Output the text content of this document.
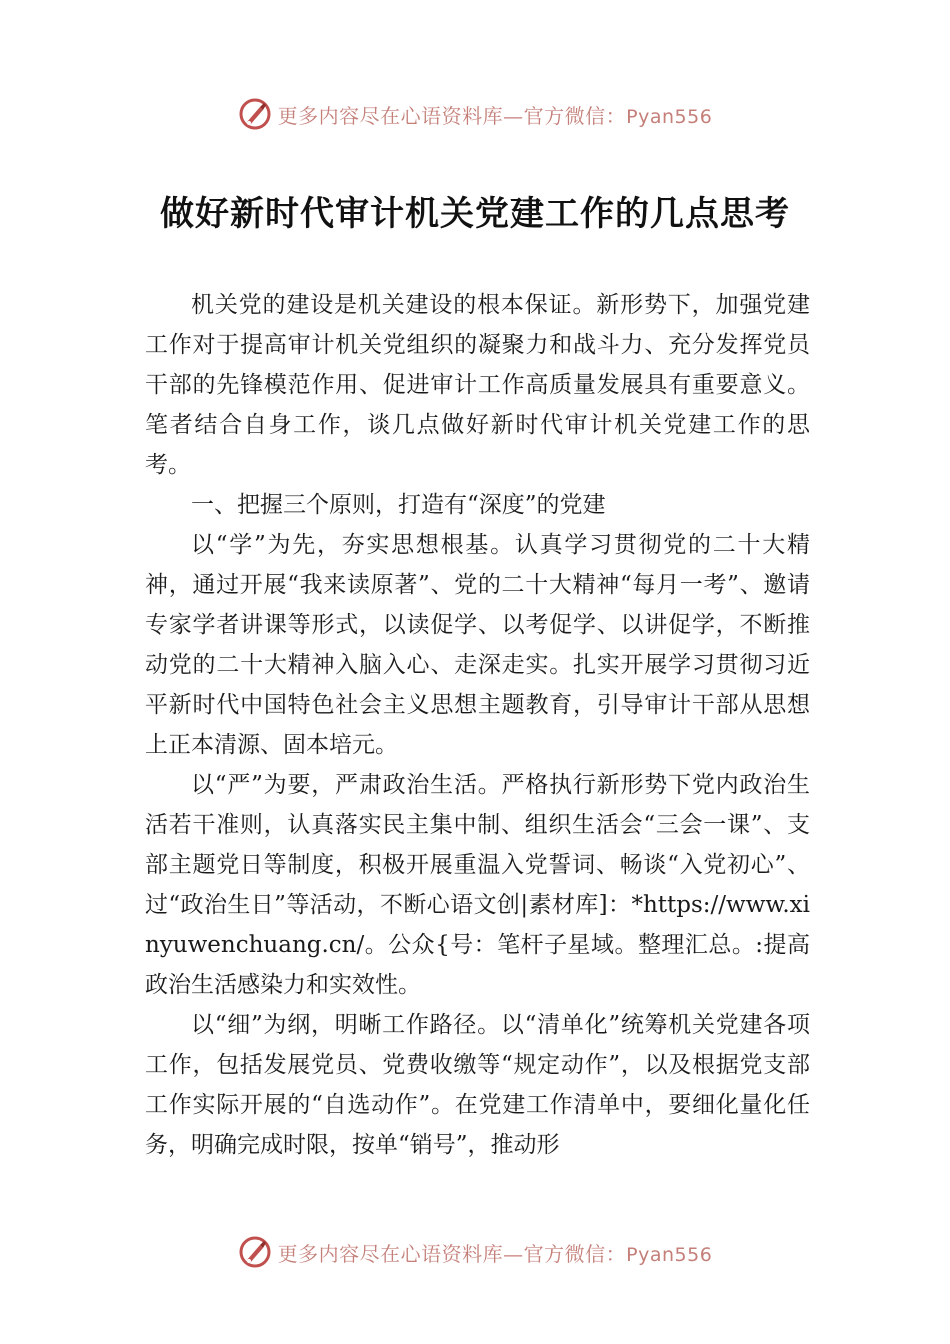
更多内容尽在心语资料库—官方微信：Pyan556
做好新时代审计机关党建工作的几点思考

机关党的建设是机关建设的根本保证。新形势下，加强党建工作对于提高审计机关党组织的凝聚力和战斗力、充分发挥党员干部的先锋模范作用、促进审计工作高质量发展具有重要意义。笔者结合自身工作，谈几点做好新时代审计机关党建工作的思考。

一、把握三个原则，打造有“深度”的党建

以“学”为先，夯实思想根基。认真学习贯彻党的二十大精神，通过开展“我来读原著”、党的二十大精神“每月一考”、邀请专家学者讲课等形式，以读促学、以考促学、以讲促学，不断推动党的二十大精神入脑入心、走深走实。扎实开展学习贯彻习近平新时代中国特色社会主义思想主题教育，引导审计干部从思想上正本清源、固本培元。

以“严”为要，严肃政治生活。严格执行新形势下党内政治生活若干准则，认真落实民主集中制、组织生活会“三会一课”、支部主题党日等制度，积极开展重温入党誓词、畅谈“入党初心”、过“政治生日”等活动，不断心语文创|素材库]：*https://www.xinyuwenchuang.cn/。公众{号：笔杆子星域。整理汇总。:提高政治生活感染力和实效性。

以“细”为纲，明晰工作路径。以“清单化”统筹机关党建各项工作，包括发展党员、党费收缴等“规定动作”，以及根据党支部工作实际开展的“自选动作”。在党建工作清单中，要细化量化任务，明确完成时限，按单“销号”，推动形

更多内容尽在心语资料库—官方微信：Pyan556
